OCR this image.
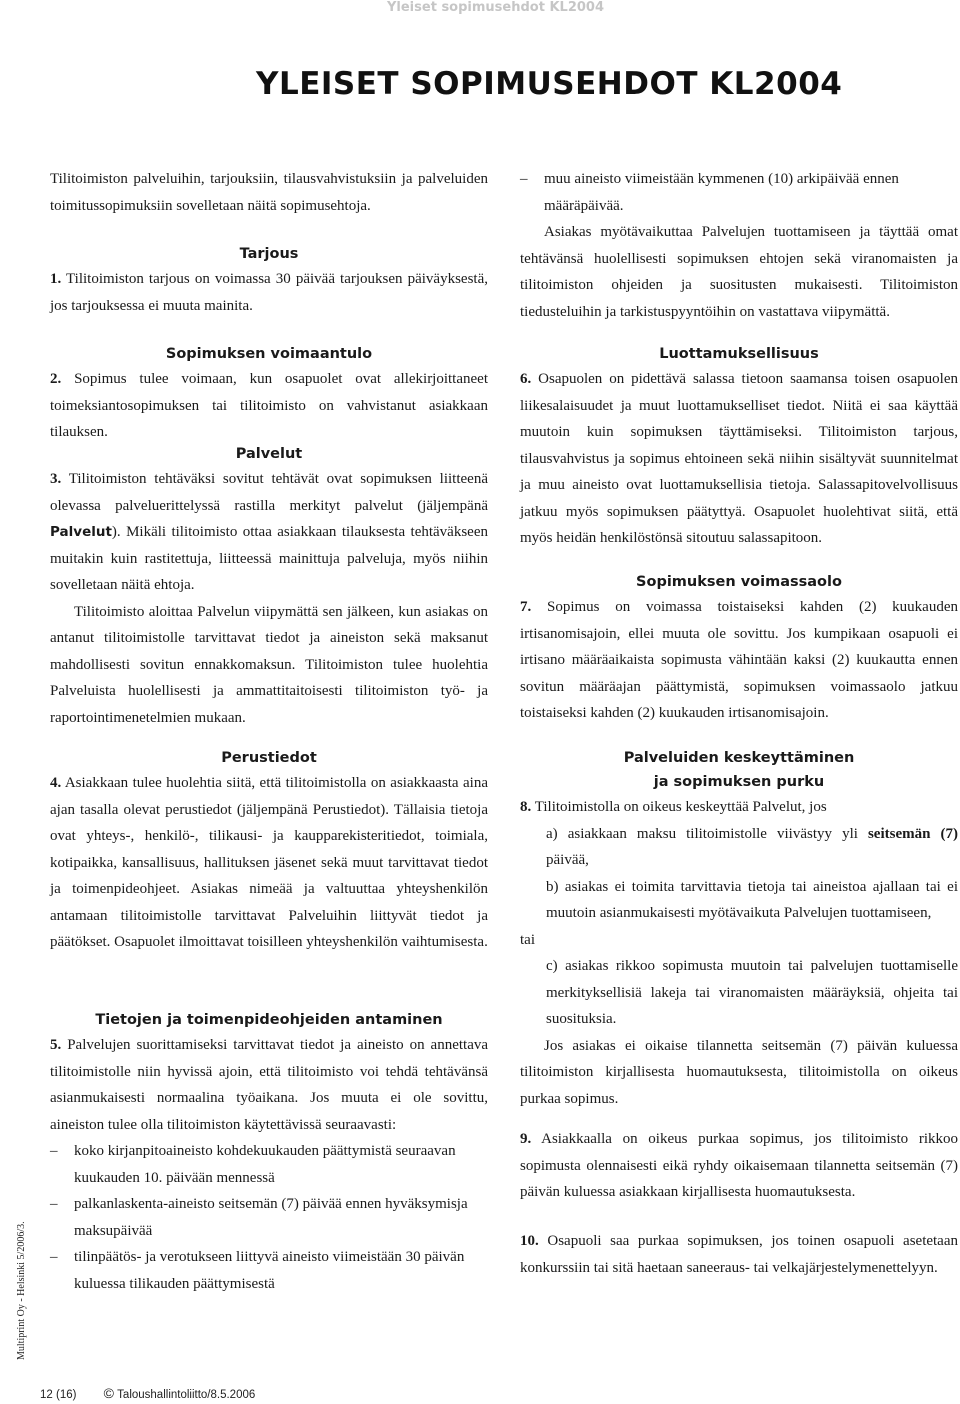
Yleiset sopimusehdot KL2004
YLEISET SOPIMUSEHDOT KL2004

Tilitoimiston palveluihin, tarjouksiin, tilausvahvistuksiin ja palveluiden toimitussopimuksiin sovelletaan näitä sopimusehtoja.

Tarjous

1. Tilitoimiston tarjous on voimassa 30 päivää tarjouksen päiväyksestä, jos tarjouksessa ei muuta mainita.

Sopimuksen voimaantulo

2. Sopimus tulee voimaan, kun osapuolet ovat allekirjoittaneet toimeksiantosopimuksen tai tilitoimisto on vahvistanut asiakkaan tilauksen.

Palvelut

3. Tilitoimiston tehtäväksi sovitut tehtävät ovat sopimuksen liitteenä olevassa palveluerittelyssä rastilla merkityt palvelut (jäljempänä Palvelut). Mikäli tilitoimisto ottaa asiakkaan tilauksesta tehtäväkseen muitakin kuin rastitettuja, liitteessä mainittuja palveluja, myös niihin sovelletaan näitä ehtoja.

Tilitoimisto aloittaa Palvelun viipymättä sen jälkeen, kun asiakas on antanut tilitoimistolle tarvittavat tiedot ja aineiston sekä maksanut mahdollisesti sovitun ennakkomaksun. Tilitoimiston tulee huolehtia Palveluista huolellisesti ja ammattitaitoisesti tilitoimiston työ- ja raportointimenetelmien mukaan.

Perustiedot

4. Asiakkaan tulee huolehtia siitä, että tilitoimistolla on asiakkaasta aina ajan tasalla olevat perustiedot (jäljempänä Perustiedot). Tällaisia tietoja ovat yhteys-, henkilö-, tilikausi- ja kaupparekisteritiedot, toimiala, kotipaikka, kansallisuus, hallituksen jäsenet sekä muut tarvittavat tiedot ja toimenpideohjeet. Asiakas nimeää ja valtuuttaa yhteyshenkilön antamaan tilitoimistolle tarvittavat Palveluihin liittyvät tiedot ja päätökset. Osapuolet ilmoittavat toisilleen yhteyshenkilön vaihtumisesta.

Tietojen ja toimenpideohjeiden antaminen

5. Palvelujen suorittamiseksi tarvittavat tiedot ja aineisto on annettava tilitoimistolle niin hyvissä ajoin, että tilitoimisto voi tehdä tehtävänsä asianmukaisesti normaalina työaikana. Jos muuta ei ole sovittu, aineiston tulee olla tilitoimiston käytettävissä seuraavasti:

–	koko kirjanpitoaineisto kohdekuukauden päättymistä seuraavan kuukauden 10. päivään mennessä

–	palkanlaskenta-aineisto seitsemän (7) päivää ennen hyväksymisja maksupäivää

–	tilinpäätös- ja verotukseen liittyvä aineisto viimeistään 30 päivän kuluessa tilikauden päättymisestä

–	muu aineisto viimeistään kymmenen (10) arkipäivää ennen määräpäivää.

Asiakas myötävaikuttaa Palvelujen tuottamiseen ja täyttää omat tehtävänsä huolellisesti sopimuksen ehtojen sekä viranomaisten ja tilitoimiston ohjeiden ja suositusten mukaisesti. Tilitoimiston tiedusteluihin ja tarkistuspyyntöihin on vastattava viipymättä.

Luottamuksellisuus

6. Osapuolen on pidettävä salassa tietoon saamansa toisen osapuolen liikesalaisuudet ja muut luottamukselliset tiedot. Niitä ei saa käyttää muutoin kuin sopimuksen täyttämiseksi. Tilitoimiston tarjous, tilausvahvistus ja sopimus ehtoineen sekä niihin sisältyvät suunnitelmat ja muu aineisto ovat luottamuksellisia tietoja. Salassapitovelvollisuus jatkuu myös sopimuksen päätyttyä. Osapuolet huolehtivat siitä, että myös heidän henkilöstönsä sitoutuu salassapitoon.

Sopimuksen voimassaolo

7. Sopimus on voimassa toistaiseksi kahden (2) kuukauden irtisanomisajoin, ellei muuta ole sovittu. Jos kumpikaan osapuoli ei irtisano määräaikaista sopimusta vähintään kaksi (2) kuukautta ennen sovitun määräajan päättymistä, sopimuksen voimassaolo jatkuu toistaiseksi kahden (2) kuukauden irtisanomisajoin.

Palveluiden keskeyttäminen
ja sopimuksen purku

8. Tilitoimistolla on oikeus keskeyttää Palvelut, jos

a) asiakkaan maksu tilitoimistolle viivästyy yli seitsemän (7) päivää,

b) asiakas ei toimita tarvittavia tietoja tai aineistoa ajallaan tai ei muutoin asianmukaisesti myötävaikuta Palvelujen tuottamiseen,

tai

c) asiakas rikkoo sopimusta muutoin tai palvelujen tuottamiselle merkityksellisiä lakeja tai viranomaisten määräyksiä, ohjeita tai suosituksia.

Jos asiakas ei oikaise tilannetta seitsemän (7) päivän kuluessa tilitoimiston kirjallisesta huomautuksesta, tilitoimistolla on oikeus purkaa sopimus.

9. Asiakkaalla on oikeus purkaa sopimus, jos tilitoimisto rikkoo sopimusta olennaisesti eikä ryhdy oikaisemaan tilannetta seitsemän (7) päivän kuluessa asiakkaan kirjallisesta huomautuksesta.

10. Osapuoli saa purkaa sopimuksen, jos toinen osapuoli asetetaan konkurssiin tai sitä haetaan saneeraus- tai velkajärjestelymenettelyyn.

Multiprint Oy - Helsinki 5/2006/3.
12 (16) © Taloushallintoliitto/8.5.2006
